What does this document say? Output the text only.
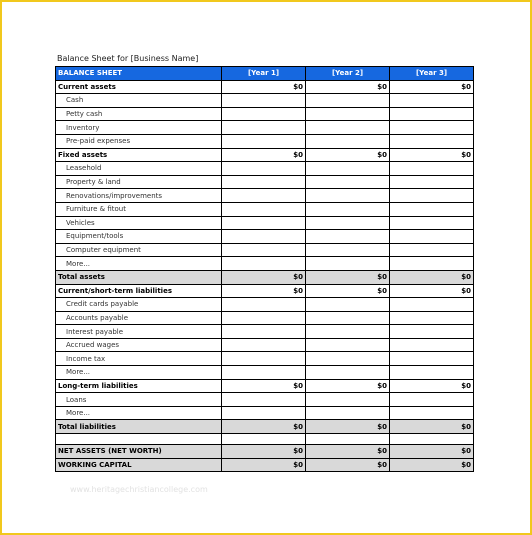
Balance Sheet for [Business Name]
BALANCE SHEET	[Year 1]	[Year 2]	[Year 3]
Current assets	$0	$0	$0
Cash			
Petty cash			
Inventory			
Pre-paid expenses			
Fixed assets	$0	$0	$0
Leasehold			
Property & land			
Renovations/improvements			
Furniture & fitout			
Vehicles			
Equipment/tools			
Computer equipment			
More...			
Total assets	$0	$0	$0
Current/short-term liabilities	$0	$0	$0
Credit cards payable			
Accounts payable			
Interest payable			
Accrued wages			
Income tax			
More...			
Long-term liabilities	$0	$0	$0
Loans			
More...			
Total liabilities	$0	$0	$0

NET ASSETS (NET WORTH)	$0	$0	$0
WORKING CAPITAL	$0	$0	$0
www.heritagechristiancollege.com
